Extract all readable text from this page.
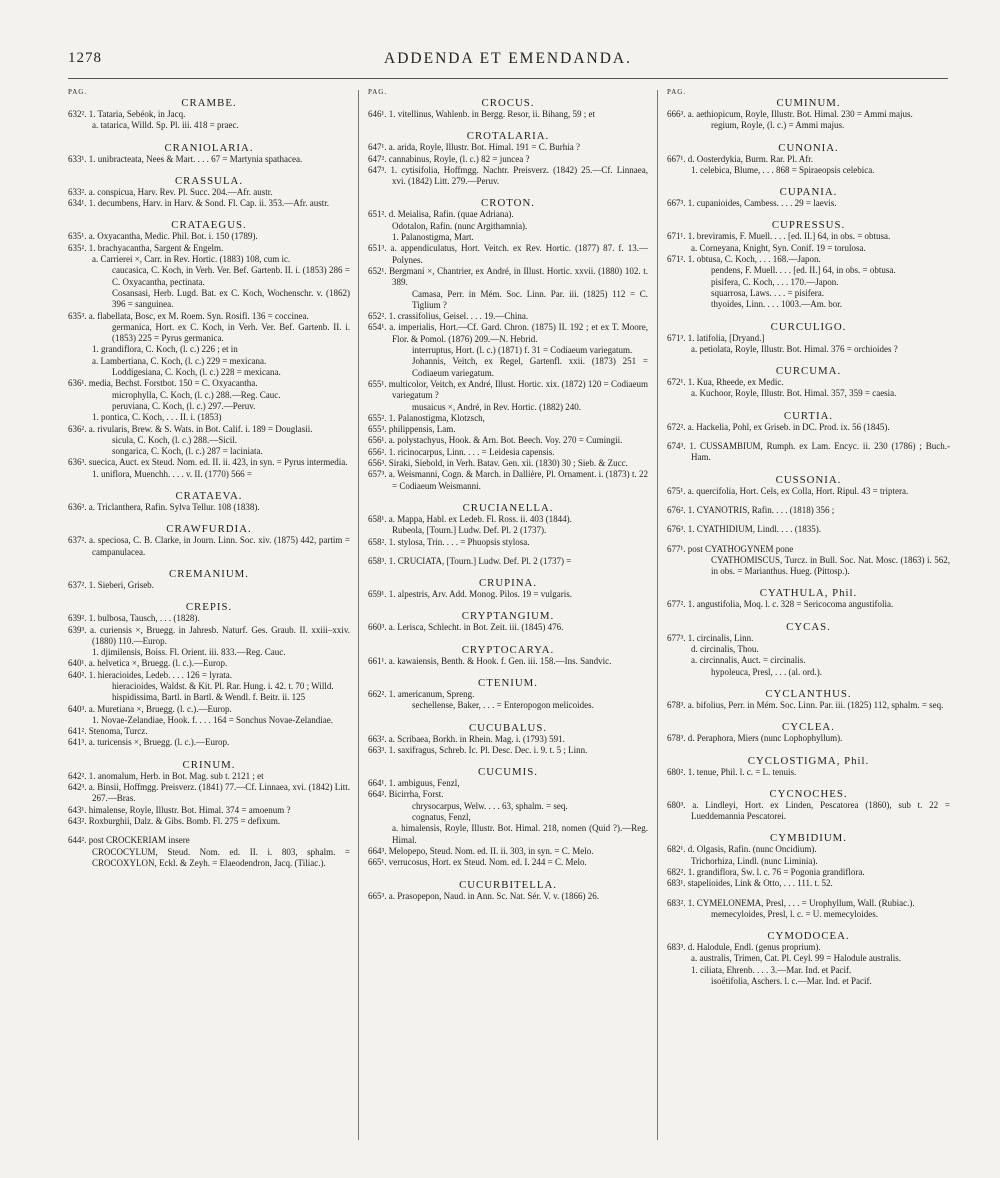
1278	ADDENDA ET EMENDANDA.
PAG.
CRAMBE.
632². 1. Tataria, Sebéok, in Jacq.
a. tatarica, Willd. Sp. Pl. iii. 418 = praec.
CRANIOLARIA.
633¹. 1. unibracteata, Nees & Mart. . . . 67 = Martynia spathacea.
CRASSULA.
633². a. conspicua, Harv. Rev. Pl. Succ. 204.—Afr. austr.
634¹. 1. decumbens, Harv. in Harv. & Sond. Fl. Cap. ii. 353.—Afr. austr.
CRATAEGUS.
635¹. a. Oxyacantha, Medic. Phil. Bot. i. 150 (1789).
635². 1. brachyacantha, Sargent & Engelm.
a. Carrierei ×, Carr. in Rev. Hortic. (1883) 108, cum ic.
caucasica, C. Koch, in Verh. Ver. Bef. Gartenb. II. i. (1853) 286 = C. Oxyacantha, pectinata.
Cosansasi, Herb. Lugd. Bat. ex C. Koch, Wochenschr. v. (1862) 396 = sanguinea.
635³. a. flabellata, Bosc, ex M. Roem. Syn. Rosifl. 136 = coccinea.
germanica, Hort. ex C. Koch, in Verh. Ver. Bef. Gartenb. II. i. (1853) 225 = Pyrus germanica.
1. grandiflora, C. Koch, (l. c.) 226 ; et in
a. Lambertiana, C. Koch, (l. c.) 229 = mexicana.
Loddigesiana, C. Koch, (l. c.) 228 = mexicana.
636¹. media, Bechst. Forstbot. 150 = C. Oxyacantha.
microphylla, C. Koch, (l. c.) 288.—Reg. Cauc.
peruviana, C. Koch, (l. c.) 297.—Peruv.
1. pontica, C. Koch, . . . II. i. (1853)
636². a. rivularis, Brew. & S. Wats. in Bot. Calif. i. 189 = Douglasii.
sicula, C. Koch, (l. c.) 288.—Sicil.
songarica, C. Koch, (l. c.) 287 = laciniata.
636³. suecica, Auct. ex Steud. Nom. ed. II. ii. 423, in syn. = Pyrus intermedia.
1. uniflora, Muenchh. . . . v. II. (1770) 566 =
CRATAEVA.
636³. a. Triclanthera, Rafin. Sylva Tellur. 108 (1838).
CRAWFURDIA.
637². a. speciosa, C. B. Clarke, in Journ. Linn. Soc. xiv. (1875) 442, partim = campanulacea.
CREMANIUM.
637². 1. Sieberi, Griseb.
CREPIS.
639². 1. bulbosa, Tausch, . . . (1828).
639³. a. curiensis ×, Bruegg. in Jahresb. Naturf. Ges. Graub. II. xxiii–xxiv. (1880) 110.—Europ.
1. djimilensis, Boiss. Fl. Orient. iii. 833.—Reg. Cauc.
640¹. a. helvetica ×, Bruegg. (l. c.).—Europ.
640². 1. hieracioides, Ledeb. . . . 126 = lyrata.
hieracioides, Waldst. & Kit. Pl. Rar. Hung. i. 42. t. 70 ; Willd.
hispidissima, Bartl. in Bartl. & Wendl. f. Beitr. ii. 125
640³. a. Muretiana ×, Bruegg. (l. c.).—Europ.
1. Novae-Zelandiae, Hook. f. . . . 164 = Sonchus Novae-Zelandiae.
641². Stenoma, Turcz.
641³. a. turicensis ×, Bruegg. (l. c.).—Europ.
CRINUM.
642². 1. anomalum, Herb. in Bot. Mag. sub t. 2121 ; et
642³. a. Binsii, Hoffmgg. Preisverz. (1841) 77.—Cf. Linnaea, xvi. (1842) Litt. 267.—Bras.
643¹. himalense, Royle, Illustr. Bot. Himal. 374 = amoenum ?
643². Roxburghii, Dalz. & Gibs. Bomb. Fl. 275 = defixum.
644². post CROCKERIAM insere
CROCOCYLUM, Steud. Nom. ed. II. i. 803, sphalm. = CROCOXYLON, Eckl. & Zeyh. = Elaeodendron, Jacq. (Tiliac.).
PAG.
CROCUS.
646¹. 1. vitellinus, Wahlenb. in Bergg. Resor, ii. Bihang, 59 ; et
CROTALARIA.
647¹. a. arida, Royle, Illustr. Bot. Himal. 191 = C. Burhia ?
647². cannabinus, Royle, (l. c.) 82 = juncea ?
647³. 1. cytisifolia, Hoffmgg. Nachtr. Preisverz. (1842) 25.—Cf. Linnaea, xvi. (1842) Litt. 279.—Peruv.
CROTON.
651². d. Meialisa, Rafin. (quae Adriana).
Odotalon, Rafin. (nunc Argithamnia).
1. Palanostigma, Mart.
651³. a. appendiculatus, Hort. Veitch. ex Rev. Hortic. (1877) 87. f. 13.—Polynes.
652¹. Bergmani ×, Chantrier, ex André, in Illust. Hortic. xxvii. (1880) 102. t. 389.
Camasa, Perr. in Mém. Soc. Linn. Par. iii. (1825) 112 = C. Tiglium ?
652². 1. crassifolius, Geisel. . . . 19.—China.
654¹. a. imperialis, Hort.—Cf. Gard. Chron. (1875) II. 192 ; et ex T. Moore, Flor. & Pomol. (1876) 209.—N. Hebrid.
interruptus, Hort. (l. c.) (1871) f. 31 = Codiaeum variegatum.
Johannis, Veitch, ex Regel, Gartenfl. xxii. (1873) 251 = Codiaeum variegatum.
655¹. multicolor, Veitch, ex André, Illust. Hortic. xix. (1872) 120 = Codiaeum variegatum ?
musaicus ×, André, in Rev. Hortic. (1882) 240.
655². 1. Palanostigma, Klotzsch,
655³. philippensis, Lam.
656¹. a. polystachyus, Hook. & Arn. Bot. Beech. Voy. 270 = Cumingii.
656². 1. ricinocarpus, Linn. . . . = Leidesia capensis.
656³. Siraki, Siebold, in Verh. Batav. Gen. xii. (1830) 30 ; Sieb. & Zucc.
657³. a. Weismanni, Cogn. & March. in Dallière, Pl. Ornament. i. (1873) t. 22 = Codiaeum Weismanni.
CRUCIANELLA.
658¹. a. Mappa, Habl. ex Ledeb. Fl. Ross. ii. 403 (1844).
Rubeola, [Tourn.] Ludw. Def. Pl. 2 (1737).
658². 1. stylosa, Trin. . . . = Phuopsis stylosa.
658³. 1. CRUCIATA, [Tourn.] Ludw. Def. Pl. 2 (1737) =
CRUPINA.
659¹. 1. alpestris, Arv. Add. Monog. Pilos. 19 = vulgaris.
CRYPTANGIUM.
660³. a. Lerisca, Schlecht. in Bot. Zeit. iii. (1845) 476.
CRYPTOCARYA.
661¹. a. kawaiensis, Benth. & Hook. f. Gen. iii. 158.—Ins. Sandvic.
CTENIUM.
662². 1. americanum, Spreng.
sechellense, Baker, . . . = Enteropogon melicoides.
CUCUBALUS.
663². a. Scribaea, Borkh. in Rhein. Mag. i. (1793) 591.
663³. 1. saxifragus, Schreb. Ic. Pl. Desc. Dec. i. 9. t. 5 ; Linn.
CUCUMIS.
664¹. 1. ambiguus, Fenzl,
664². Bicirrha, Forst.
chrysocarpus, Welw. . . . 63, sphalm. = seq.
cognatus, Fenzl,
a. himalensis, Royle, Illustr. Bot. Himal. 218, nomen (Quid ?).—Reg. Himal.
664³. Melopepo, Steud. Nom. ed. II. ii. 303, in syn. = C. Melo.
665¹. verrucosus, Hort. ex Steud. Nom. ed. I. 244 = C. Melo.
CUCURBITELLA.
665³. a. Prasopepon, Naud. in Ann. Sc. Nat. Sér. V. v. (1866) 26.
PAG.
CUMINUM.
666³. a. aethiopicum, Royle, Illustr. Bot. Himal. 230 = Ammi majus.
regium, Royle, (l. c.) = Ammi majus.
CUNONIA.
667¹. d. Oosterdykia, Burm. Rar. Pl. Afr.
1. celebica, Blume, . . . 868 = Spiraeopsis celebica.
CUPANIA.
667³. 1. cupanioides, Cambess. . . . 29 = laevis.
CUPRESSUS.
671¹. 1. breviramis, F. Muell. . . . [ed. II.] 64, in obs. = obtusa.
a. Corneyana, Knight, Syn. Conif. 19 = torulosa.
671². 1. obtusa, C. Koch, . . . 168.—Japon.
pendens, F. Muell. . . . [ed. II.] 64, in obs. = obtusa.
pisifera, C. Koch, . . . 170.—Japon.
squarrosa, Laws. . . . = pisifera.
thyoides, Linn. . . . 1003.—Am. bor.
CURCULIGO.
671³. 1. latifolia, [Dryand.]
a. petiolata, Royle, Illustr. Bot. Himal. 376 = orchioides ?
CURCUMA.
672¹. 1. Kua, Rheede, ex Medic.
a. Kuchoor, Royle, Illustr. Bot. Himal. 357, 359 = caesia.
CURTIA.
672². a. Hackelia, Pohl, ex Griseb. in DC. Prod. ix. 56 (1845).
674³. 1. CUSSAMBIUM, Rumph. ex Lam. Encyc. ii. 230 (1786) ; Buch.-Ham.
CUSSONIA.
675¹. a. quercifolia, Hort. Cels, ex Colla, Hort. Ripul. 43 = triptera.
676². 1. CYANOTRIS, Rafin. . . . (1818) 356 ;
676³. 1. CYATHIDIUM, Lindl. . . . (1835).
677¹. post CYATHOGYNEM pone
CYATHOMISCUS, Turcz. in Bull. Soc. Nat. Mosc. (1863) i. 562, in obs. = Marianthus. Hueg. (Pittosp.).
CYATHULA, Phil.
677². 1. angustifolia, Moq. l. c. 328 = Sericocoma angustifolia.
CYCAS.
677³. 1. circinalis, Linn.
d. circinalis, Thou.
a. circinnalis, Auct. = circinalis.
hypoleuca, Presl, . . . (al. ord.).
CYCLANTHUS.
678³. a. bifolius, Perr. in Mém. Soc. Linn. Par. iii. (1825) 112, sphalm. = seq.
CYCLEA.
678³. d. Peraphora, Miers (nunc Lophophyllum).
CYCLOSTIGMA, Phil.
680². 1. tenue, Phil. l. c. = L. tenuis.
CYCNOCHES.
680³. a. Lindleyi, Hort. ex Linden, Pescatorea (1860), sub t. 22 = Lueddemannia Pescatorei.
CYMBIDIUM.
682¹. d. Olgasis, Rafin. (nunc Oncidium).
Trichorhiza, Lindl. (nunc Liminia).
682². 1. grandiflora, Sw. l. c. 76 = Pogonia grandiflora.
683¹. stapelioides, Link & Otto, . . . 111. t. 52.
683². 1. CYMELONEMA, Presl, . . . = Urophyllum, Wall. (Rubiac.).
memecyloides, Presl, l. c. = U. memecyloides.
CYMODOCEA.
683³. d. Halodule, Endl. (genus proprium).
a. australis, Trimen, Cat. Pl. Ceyl. 99 = Halodule australis.
1. ciliata, Ehrenb. . . . 3.—Mar. Ind. et Pacif.
isoëtifolia, Aschers. l. c.—Mar. Ind. et Pacif.
